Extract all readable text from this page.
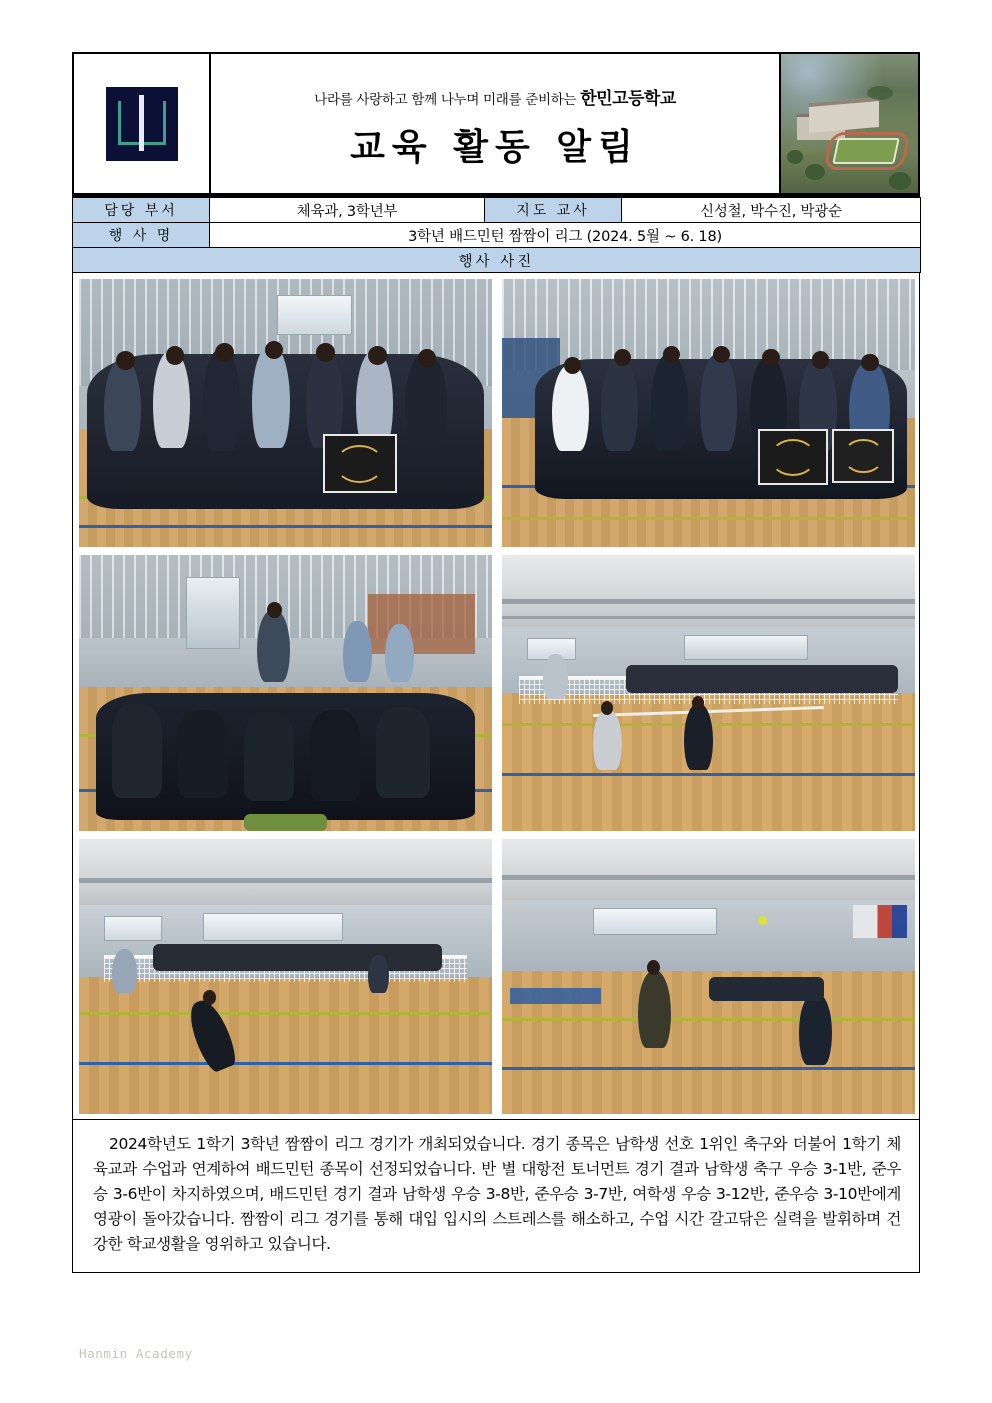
나라를 사랑하고 함께 나누며 미래를 준비하는 한민고등학교
교육 활동 알림
담당 부서	체육과, 3학년부	지도 교사	신성철, 박수진, 박광순
행 사 명	3학년 배드민턴 짬짬이 리그 (2024. 5월 ~ 6. 18)		
행사 사진			

2024학년도 1학기 3학년 짬짬이 리그 경기가 개최되었습니다. 경기 종목은 남학생 선호 1위인 축구와 더불어 1학기 체육교과 수업과 연계하여 배드민턴 종목이 선정되었습니다. 반 별 대항전 토너먼트 경기 결과 남학생 축구 우승 3-1반, 준우승 3-6반이 차지하였으며, 배드민턴 경기 결과 남학생 우승 3-8반, 준우승 3-7반, 여학생 우승 3-12반, 준우승 3-10반에게 영광이 돌아갔습니다. 짬짬이 리그 경기를 통해 대입 입시의 스트레스를 해소하고, 수업 시간 갈고닦은 실력을 발휘하며 건강한 학교생활을 영위하고 있습니다.

Hanmin Academy
